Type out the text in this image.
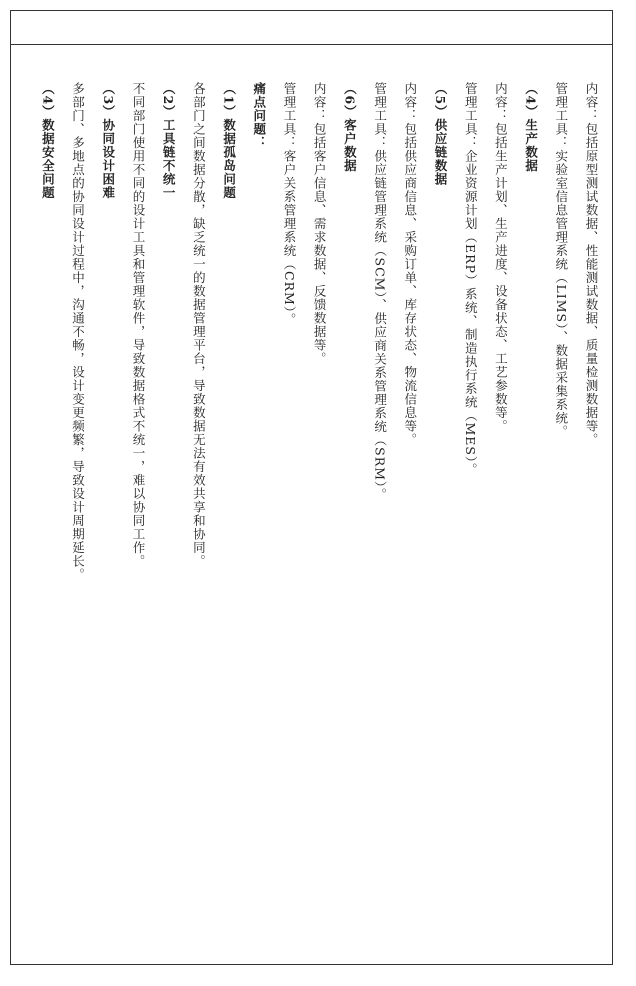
内容：包括原型测试数据、性能测试数据、质量检测数据等。

管理工具：实验室信息管理系统（LIMS）、数据采集系统。

（4）生产数据

内容：包括生产计划、生产进度、设备状态、工艺参数等。

管理工具：企业资源计划（ERP）系统、制造执行系统（MES）。

（5）供应链数据

内容：包括供应商信息、采购订单、库存状态、物流信息等。

管理工具：供应链管理系统（SCM）、供应商关系管理系统（SRM）。

（6）客户数据

内容：包括客户信息、需求数据、反馈数据等。

管理工具：客户关系管理系统（CRM）。

痛点问题：

（1）数据孤岛问题

各部门之间数据分散，缺乏统一的数据管理平台，导致数据无法有效共享和协同。

（2）工具链不统一

不同部门使用不同的设计工具和管理软件，导致数据格式不统一，难以协同工作。

（3）协同设计困难

多部门、多地点的协同设计过程中，沟通不畅，设计变更频繁，导致设计周期延长。

（4）数据安全问题
